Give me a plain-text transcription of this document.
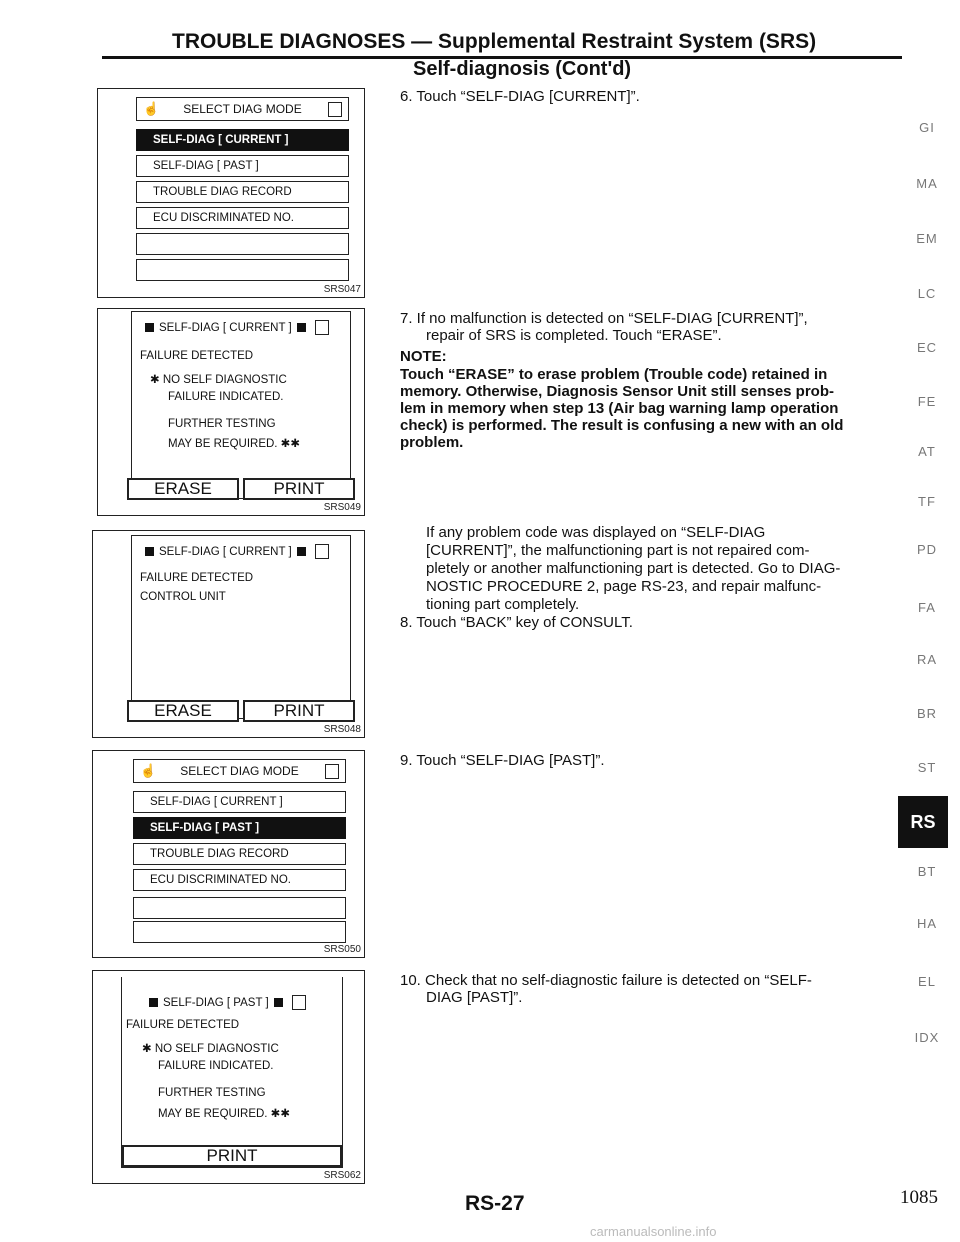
TROUBLE DIAGNOSES — Supplemental Restraint System (SRS)
Self-diagnosis (Cont'd)
☝	SELECT DIAG MODE
SELF-DIAG [ CURRENT ]
SELF-DIAG [ PAST ]
TROUBLE DIAG RECORD
ECU DISCRIMINATED NO.
SRS047
SELF-DIAG [ CURRENT ]
FAILURE DETECTED
✱ NO SELF DIAGNOSTIC
FAILURE INDICATED.
FURTHER TESTING
MAY BE REQUIRED. ✱✱
ERASE	PRINT
SRS049
SELF-DIAG [ CURRENT ]
FAILURE DETECTED
CONTROL UNIT
ERASE	PRINT
SRS048
☝	SELECT DIAG MODE
SELF-DIAG [ CURRENT ]
SELF-DIAG [ PAST ]
TROUBLE DIAG RECORD
ECU DISCRIMINATED NO.
SRS050
SELF-DIAG [ PAST ]
FAILURE DETECTED
✱ NO SELF DIAGNOSTIC
FAILURE INDICATED.
FURTHER TESTING
MAY BE REQUIRED. ✱✱
PRINT
SRS062
6. Touch “SELF-DIAG [CURRENT]”.
7. If no malfunction is detected on “SELF-DIAG [CURRENT]”,
repair of SRS is completed. Touch “ERASE”.
NOTE:
Touch “ERASE” to erase problem (Trouble code) retained in
memory. Otherwise, Diagnosis Sensor Unit still senses prob-
lem in memory when step 13 (Air bag warning lamp operation
check) is performed. The result is confusing a new with an old
problem.
If any problem code was displayed on “SELF-DIAG
[CURRENT]”, the malfunctioning part is not repaired com-
pletely or another malfunctioning part is detected. Go to DIAG-
NOSTIC PROCEDURE 2, page RS-23, and repair malfunc-
tioning part completely.
8. Touch “BACK” key of CONSULT.
9. Touch “SELF-DIAG [PAST]”.
10. Check that no self-diagnostic failure is detected on “SELF-
DIAG [PAST]”.
GI
MA
EM
LC
EC
FE
AT
TF
PD
FA
RA
BR
ST
RS
BT
HA
EL
IDX
RS-27	1085
carmanualsonline.info
